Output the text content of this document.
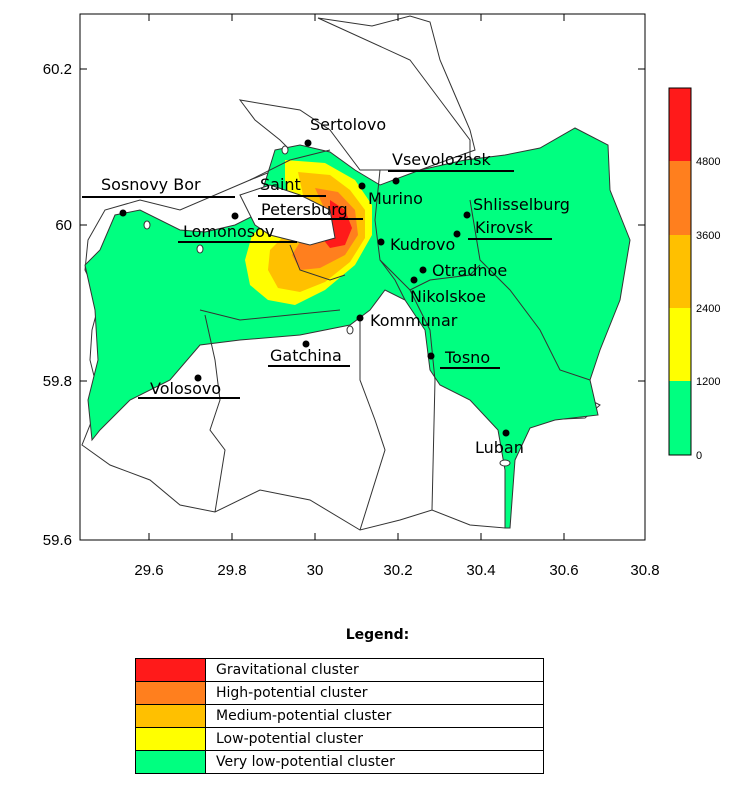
Sertolovo
Vsevolozhsk
Sosnovy Bor	Saint
Petersburg
Murino	Shlisselburg
Lomonosov	Kirovsk
Kudrovo
Otradnoe
Nikolskoe
Kommunar
Gatchina	Tosno
Volosovo
Luban
60.2
60
59.8
59.6
29.6	29.8	30	30.2	30.4	30.6	30.8
4800
3600
2400
1200
0
Legend:
	Gravitational cluster
	High-potential cluster
	Medium-potential cluster
	Low-potential cluster
	Very low-potential cluster
